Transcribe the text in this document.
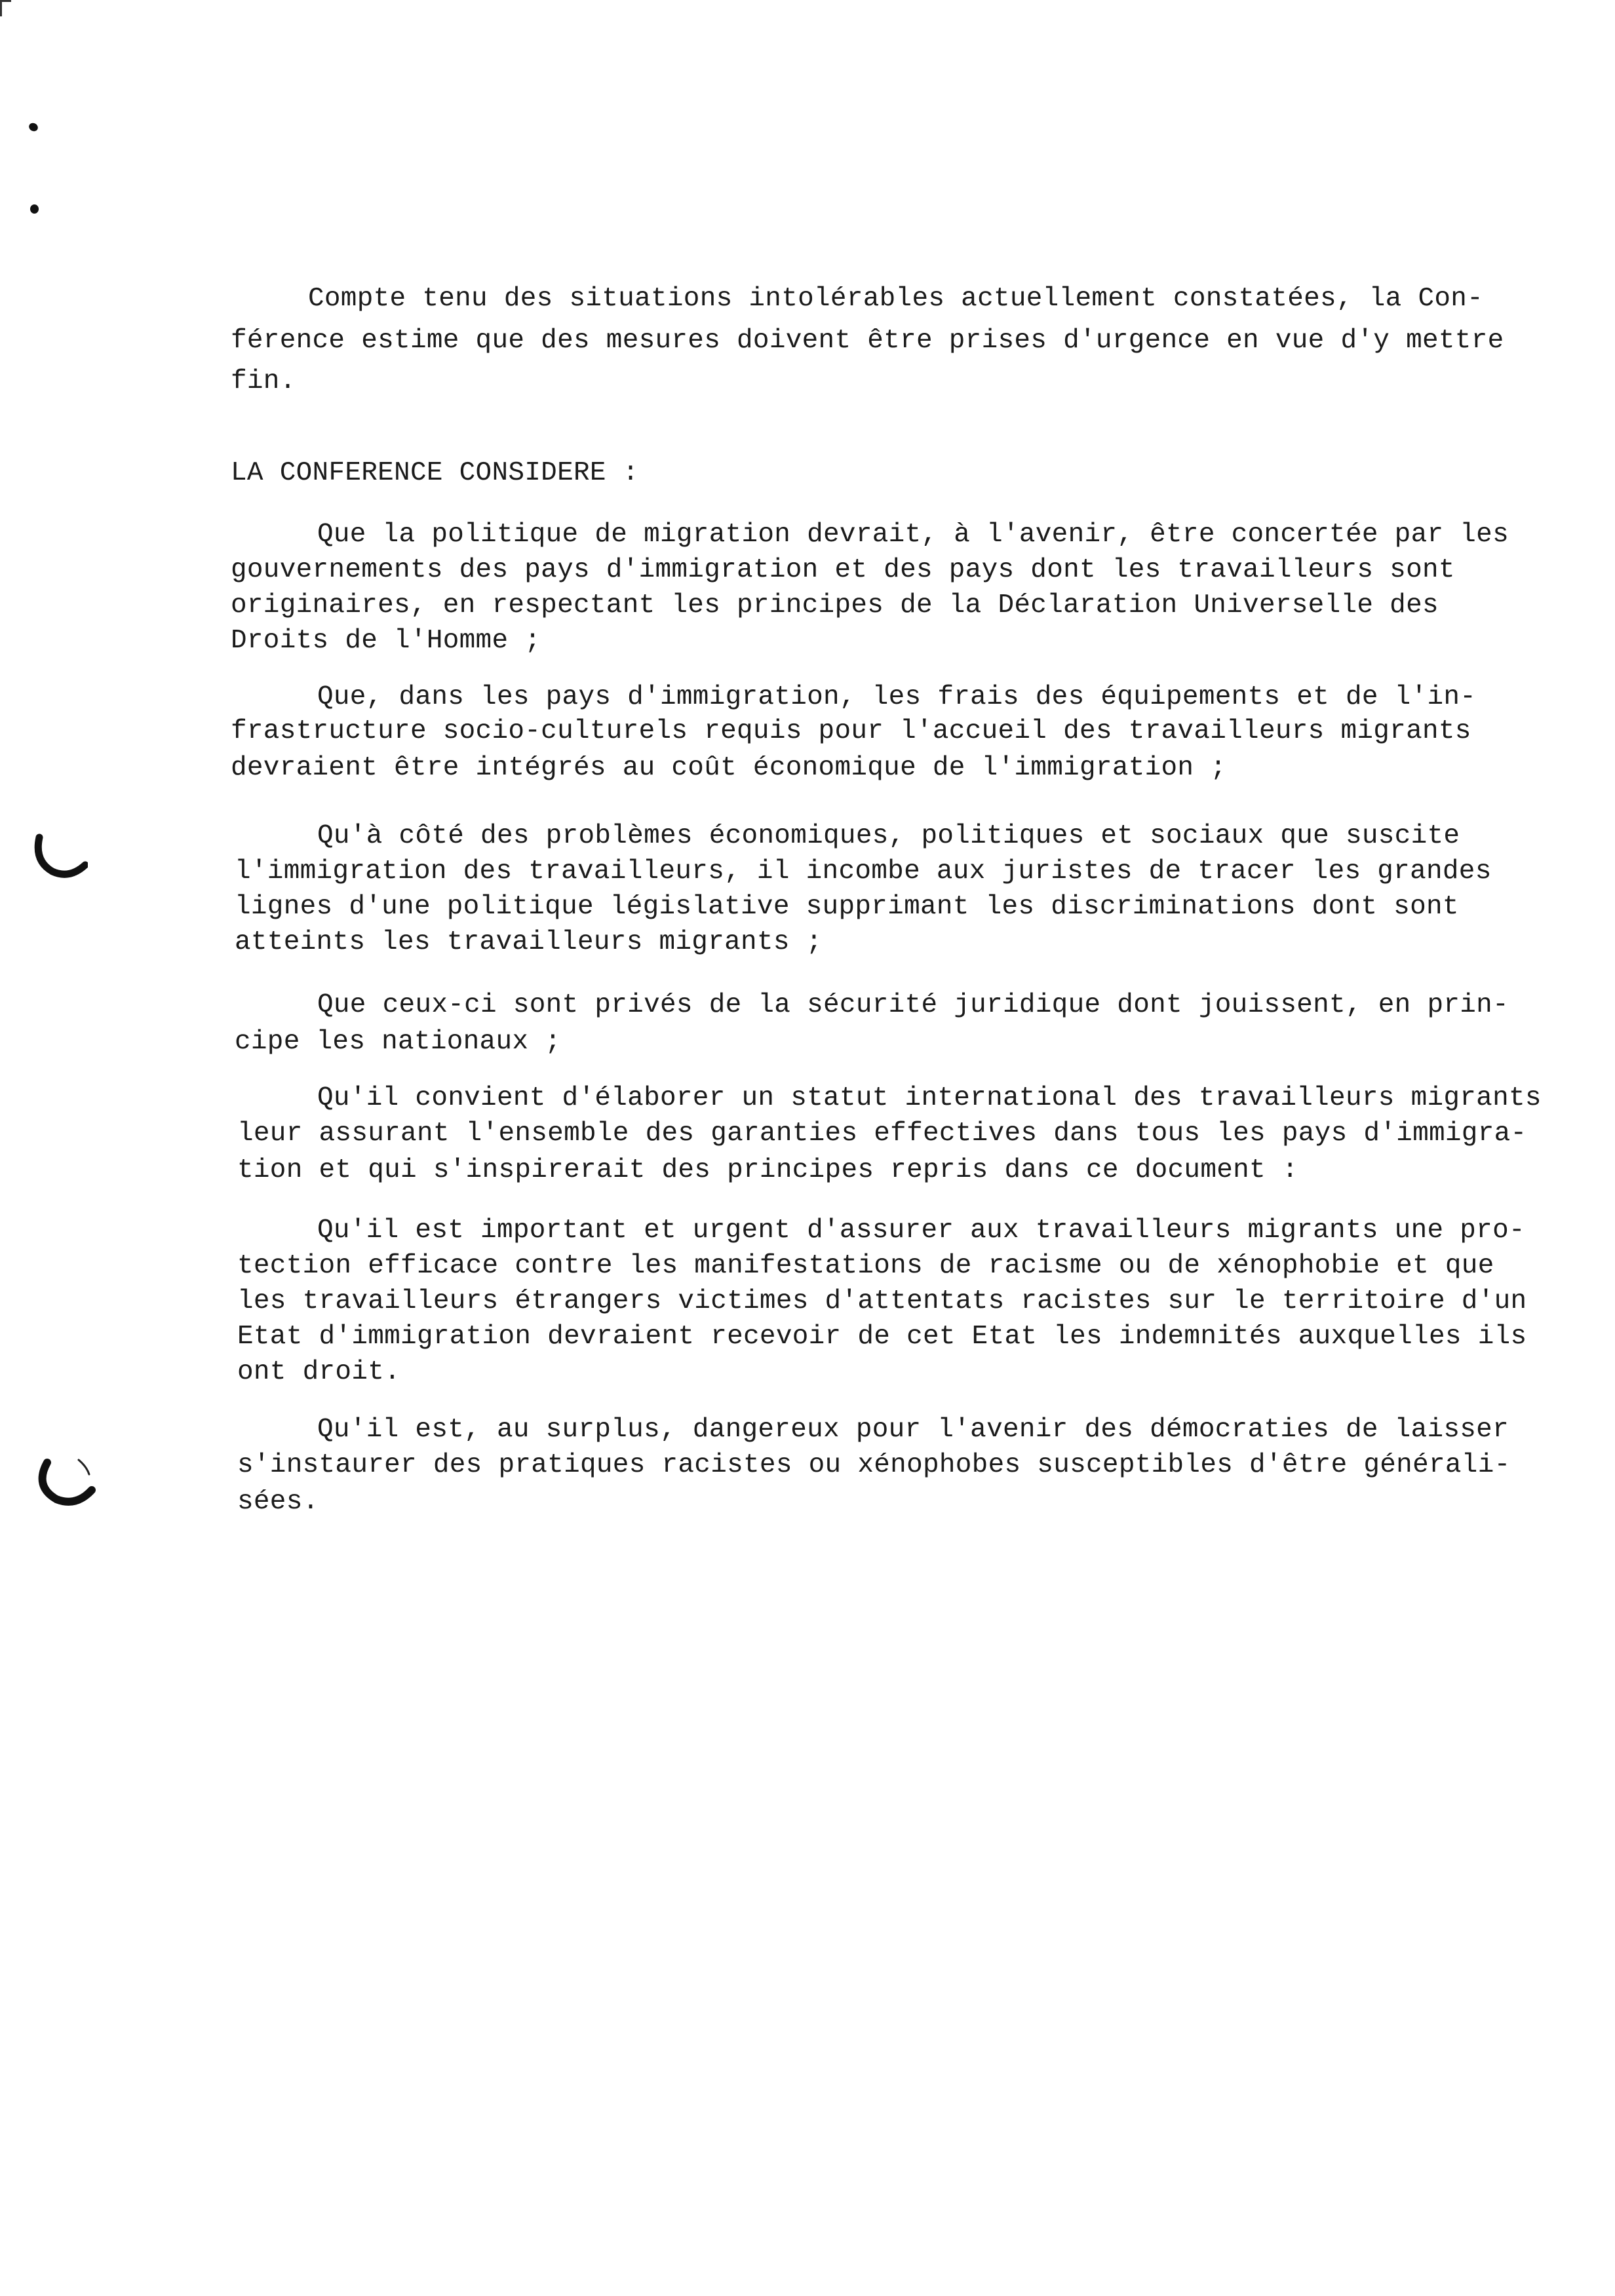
Compte tenu des situations intolérables actuellement constatées, la Con-
férence estime que des mesures doivent être prises d'urgence en vue d'y mettre
fin.
LA CONFERENCE CONSIDERE :
Que la politique de migration devrait, à l'avenir, être concertée par les
gouvernements des pays d'immigration et des pays dont les travailleurs sont
originaires, en respectant les principes de la Déclaration Universelle des
Droits de l'Homme ;
Que, dans les pays d'immigration, les frais des équipements et de l'in-
frastructure socio-culturels requis pour l'accueil des travailleurs migrants
devraient être intégrés au coût économique de l'immigration ;
Qu'à côté des problèmes économiques, politiques et sociaux que suscite
l'immigration des travailleurs, il incombe aux juristes de tracer les grandes
lignes d'une politique législative supprimant les discriminations dont sont
atteints les travailleurs migrants ;
Que ceux-ci sont privés de la sécurité juridique dont jouissent, en prin-
cipe les nationaux ;
Qu'il convient d'élaborer un statut international des travailleurs migrants
leur assurant l'ensemble des garanties effectives dans tous les pays d'immigra-
tion et qui s'inspirerait des principes repris dans ce document :
Qu'il est important et urgent d'assurer aux travailleurs migrants une pro-
tection efficace contre les manifestations de racisme ou de xénophobie et que
les travailleurs étrangers victimes d'attentats racistes sur le territoire d'un
Etat d'immigration devraient recevoir de cet Etat les indemnités auxquelles ils
ont droit.
Qu'il est, au surplus, dangereux pour l'avenir des démocraties de laisser
s'instaurer des pratiques racistes ou xénophobes susceptibles d'être générali-
sées.
